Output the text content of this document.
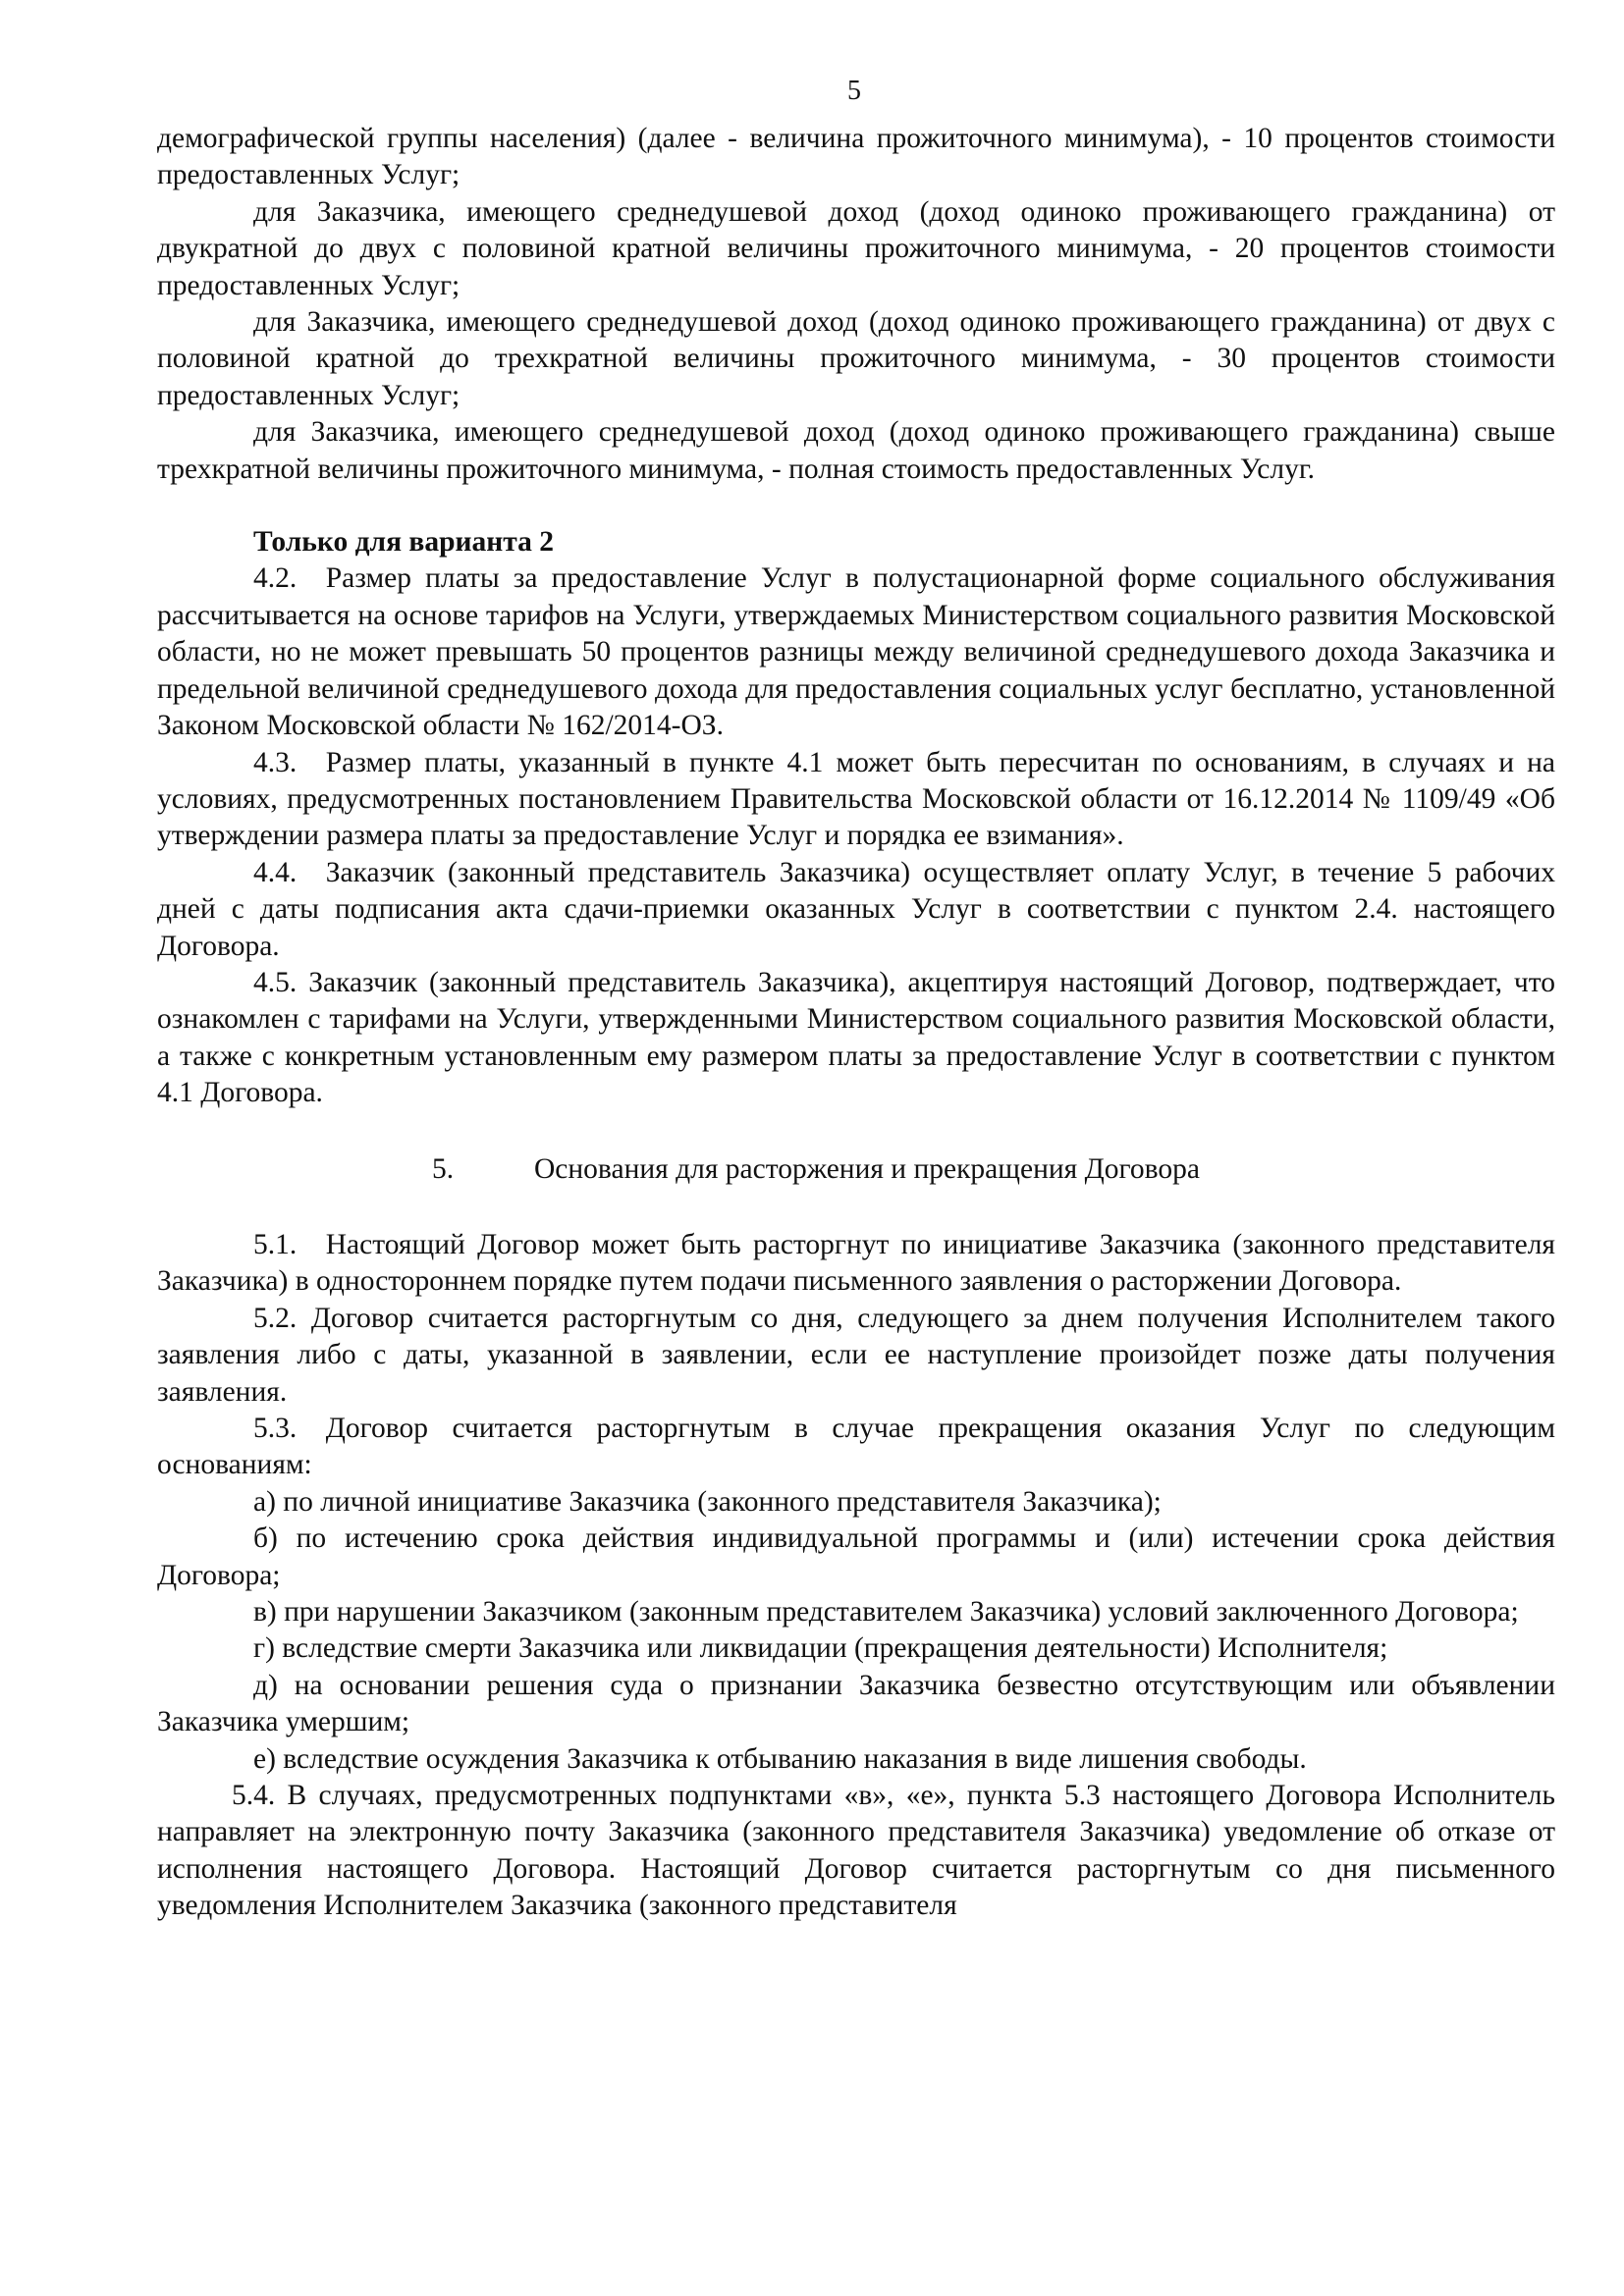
5

демографической группы населения) (далее - величина прожиточного минимума), - 10 процентов стоимости предоставленных Услуг;

для Заказчика, имеющего среднедушевой доход (доход одиноко проживающего гражданина) от двукратной до двух с половиной кратной величины прожиточного минимума, - 20 процентов стоимости предоставленных Услуг;

для Заказчика, имеющего среднедушевой доход (доход одиноко проживающего гражданина) от двух с половиной кратной до трехкратной величины прожиточного минимума, - 30 процентов стоимости предоставленных Услуг;

для Заказчика, имеющего среднедушевой доход (доход одиноко проживающего гражданина) свыше трехкратной величины прожиточного минимума, - полная стоимость предоставленных Услуг.

Только для варианта 2

4.2. Размер платы за предоставление Услуг в полустационарной форме социального обслуживания рассчитывается на основе тарифов на Услуги, утверждаемых Министерством социального развития Московской области, но не может превышать 50 процентов разницы между величиной среднедушевого дохода Заказчика и предельной величиной среднедушевого дохода для предоставления социальных услуг бесплатно, установленной Законом Московской области № 162/2014-ОЗ.

4.3. Размер платы, указанный в пункте 4.1 может быть пересчитан по основаниям, в случаях и на условиях, предусмотренных постановлением Правительства Московской области от 16.12.2014 № 1109/49 «Об утверждении размера платы за предоставление Услуг и порядка ее взимания».

4.4. Заказчик (законный представитель Заказчика) осуществляет оплату Услуг, в течение 5 рабочих дней с даты подписания акта сдачи-приемки оказанных Услуг в соответствии с пунктом 2.4. настоящего Договора.

4.5. Заказчик (законный представитель Заказчика), акцептируя настоящий Договор, подтверждает, что ознакомлен с тарифами на Услуги, утвержденными Министерством социального развития Московской области, а также с конкретным установленным ему размером платы за предоставление Услуг в соответствии с пунктом 4.1 Договора.

5.	Основания для расторжения и прекращения Договора

5.1. Настоящий Договор может быть расторгнут по инициативе Заказчика (законного представителя Заказчика) в одностороннем порядке путем подачи письменного заявления о расторжении Договора.

5.2. Договор считается расторгнутым со дня, следующего за днем получения Исполнителем такого заявления либо с даты, указанной в заявлении, если ее наступление произойдет позже даты получения заявления.

5.3. Договор считается расторгнутым в случае прекращения оказания Услуг по следующим основаниям:

а) по личной инициативе Заказчика (законного представителя Заказчика);

б) по истечению срока действия индивидуальной программы и (или) истечении срока действия Договора;

в) при нарушении Заказчиком (законным представителем Заказчика) условий заключенного Договора;

г) вследствие смерти Заказчика или ликвидации (прекращения деятельности) Исполнителя;

д) на основании решения суда о признании Заказчика безвестно отсутствующим или объявлении Заказчика умершим;

е) вследствие осуждения Заказчика к отбыванию наказания в виде лишения свободы.

5.4. В случаях, предусмотренных подпунктами «в», «е», пункта 5.3 настоящего Договора Исполнитель направляет на электронную почту Заказчика (законного представителя Заказчика) уведомление об отказе от исполнения настоящего Договора. Настоящий Договор считается расторгнутым со дня письменного уведомления Исполнителем Заказчика (законного представителя
